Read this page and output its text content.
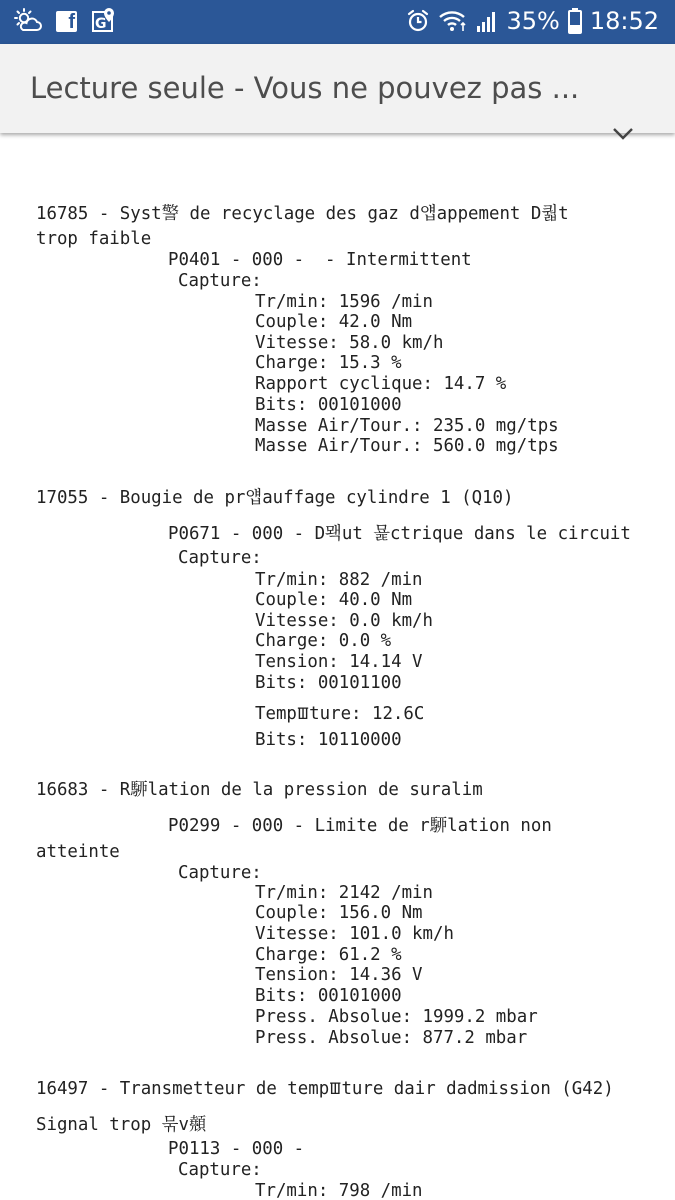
f G	35% 18:52
Lecture seule - Vous ne pouvez pas ...
16785 - Syst警 de recyclage des gaz d얩appement D퀇t
trop faible
P0401 - 000 -  - Intermittent
Capture:
Tr/min: 1596 /min
Couple: 42.0 Nm
Vitesse: 58.0 km/h
Charge: 15.3 %
Rapport cyclique: 14.7 %
Bits: 00101000
Masse Air/Tour.: 235.0 mg/tps
Masse Air/Tour.: 560.0 mg/tps
17055 - Bougie de pr얩auffage cylindre 1 (Q10)
P0671 - 000 - D뫡ut 묥ctrique dans le circuit
Capture:
Tr/min: 882 /min
Couple: 40.0 Nm
Vitesse: 0.0 km/h
Charge: 0.0 %
Tension: 14.14 V
Bits: 00101100
Tempꯡture: 12.6C
Bits: 10110000
16683 - R駵lation de la pression de suralim
P0299 - 000 - Limite de r駵lation non
atteinte
Capture:
Tr/min: 2142 /min
Couple: 156.0 Nm
Vitesse: 101.0 km/h
Charge: 61.2 %
Tension: 14.36 V
Bits: 00101000
Press. Absolue: 1999.2 mbar
Press. Absolue: 877.2 mbar
16497 - Transmetteur de tempꯡture dair dadmission (G42)
Signal trop 묶v顤
P0113 - 000 -
Capture:
Tr/min: 798 /min
